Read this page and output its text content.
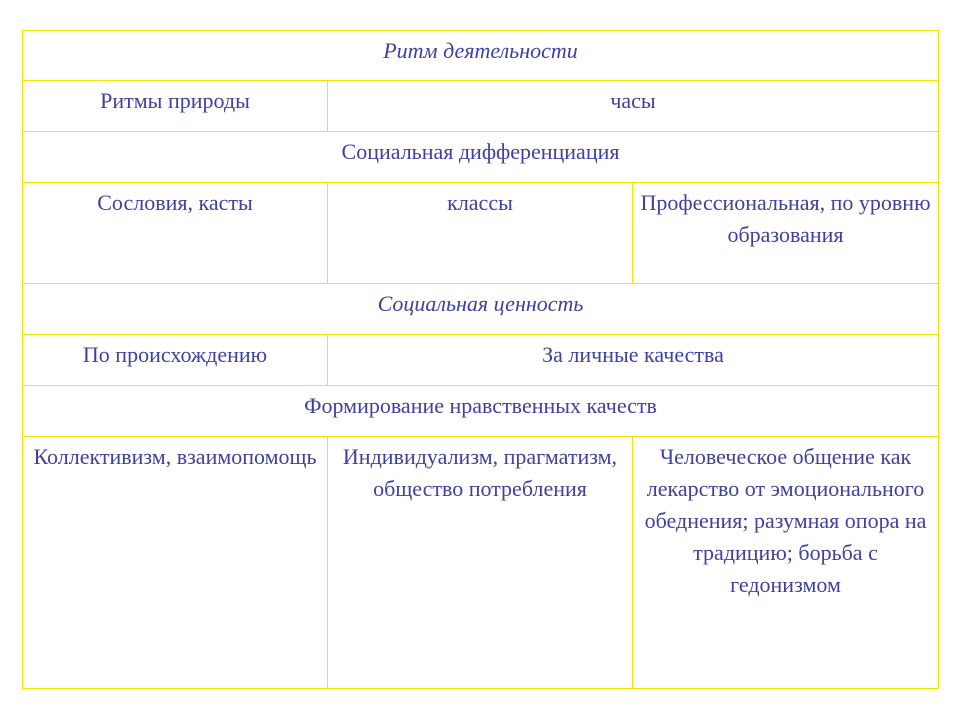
Ритм деятельности		
Ритмы природы	часы	
Социальная дифференциация		
Сословия, касты	классы	Профессиональная, по уровню образования
Социальная ценность		
По происхождению	За личные качества	
Формирование нравственных качеств		
Коллективизм, взаимопомощь	Индивидуализм, прагматизм, общество потребления	Человеческое общение как лекарство от эмоционального обеднения; разумная опора на традицию; борьба с гедонизмом
